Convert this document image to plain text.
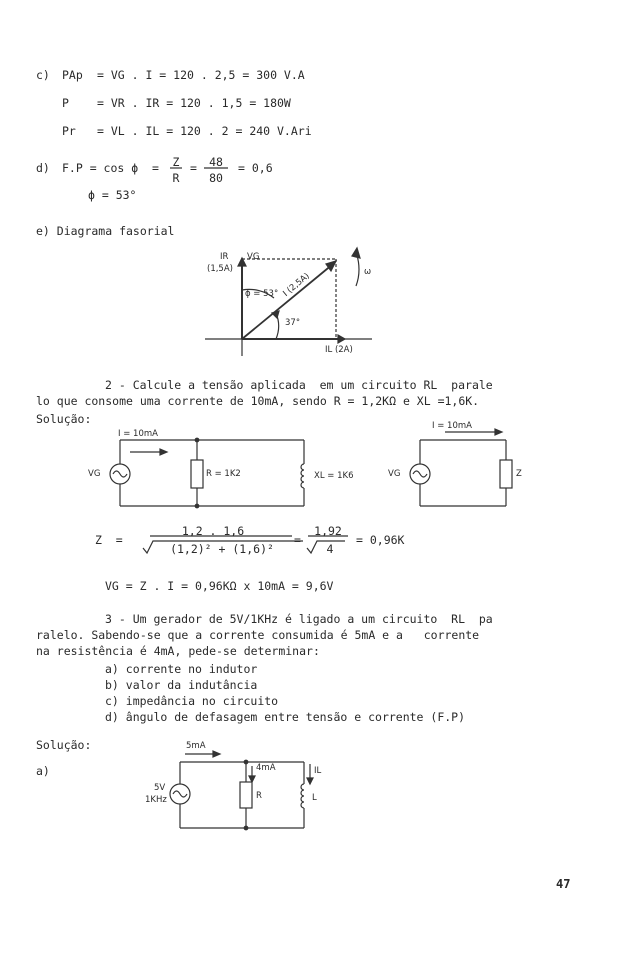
c) PAp = VG . I = 120 . 2,5 = 300 V.A
P = VR . IR = 120 . 1,5 = 180W
Pr = VL . IL = 120 . 2 = 240 V.Ari
d) F.P = cos ϕ  = Z
R
=	48
80
= 0,6
ϕ = 53°
e) Diagrama fasorial
2 - Calcule a tensão aplicada  em um circuito RL  parale
lo que consome uma corrente de 10mA, sendo R = 1,2KΩ e XL =1,6K.
Solução:
Z  =
1,2 . 1,6
(1,2)² + (1,6)²
=
1,92
4
= 0,96K
VG = Z . I = 0,96KΩ x 10mA = 9,6V
3 - Um gerador de 5V/1KHz é ligado a um circuito  RL  pa
ralelo. Sabendo-se que a corrente consumida é 5mA e a   corrente
na resistência é 4mA, pede-se determinar:
a) corrente no indutor
b) valor da indutância
c) impedância no circuito
d) ângulo de defasagem entre tensão e corrente (F.P)
Solução:
a)
47
IR
(1,5A)
VG
ϕ = 53° I (2,5A)
37°
IL (2A)
ω
I = 10mA
VG	R = 1K2	XL = 1K6
I = 10mA
VG	Z
5mA
5V
1KHz
4mA
R
IL
L
